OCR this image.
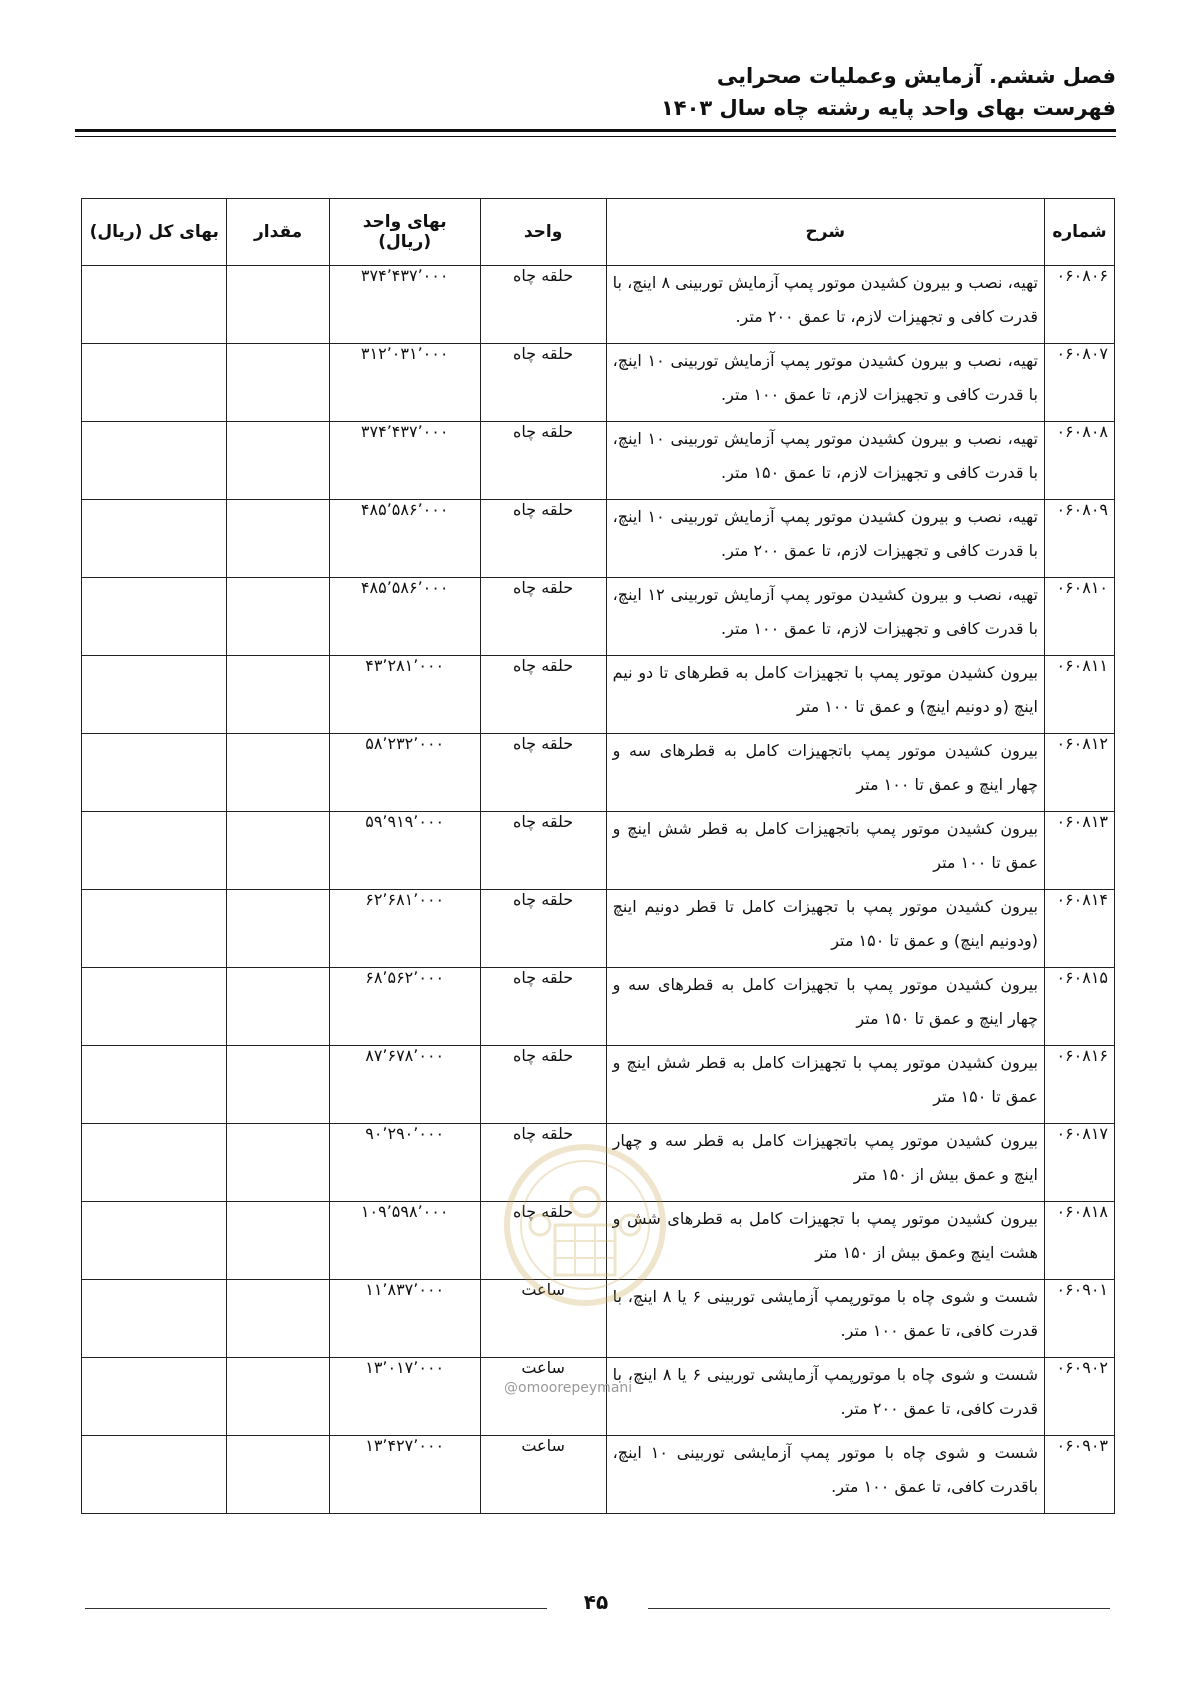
فصل ششم. آزمایش وعملیات صحرایی
فهرست بهای واحد پایه رشته چاه سال ۱۴۰۳
شماره	شرح	واحد	بهای واحد (ریال)	مقدار	بهای کل (ریال)
۰۶۰۸۰۶	تهیه، نصب و بیرون کشیدن موتور پمپ آزمایش توربینی ۸ اینچ، با قدرت کافی و تجهیزات لازم، تا عمق ۲۰۰ متر.	حلقه چاه	۳۷۴٬۴۳۷٬۰۰۰		
۰۶۰۸۰۷	تهیه، نصب و بیرون کشیدن موتور پمپ آزمایش توربینی ۱۰ اینچ، با قدرت کافی و تجهیزات لازم، تا عمق ۱۰۰ متر.	حلقه چاه	۳۱۲٬۰۳۱٬۰۰۰		
۰۶۰۸۰۸	تهیه، نصب و بیرون کشیدن موتور پمپ آزمایش توربینی ۱۰ اینچ، با قدرت کافی و تجهیزات لازم، تا عمق ۱۵۰ متر.	حلقه چاه	۳۷۴٬۴۳۷٬۰۰۰		
۰۶۰۸۰۹	تهیه، نصب و بیرون کشیدن موتور پمپ آزمایش توربینی ۱۰ اینچ، با قدرت کافی و تجهیزات لازم، تا عمق ۲۰۰ متر.	حلقه چاه	۴۸۵٬۵۸۶٬۰۰۰		
۰۶۰۸۱۰	تهیه، نصب و بیرون کشیدن موتور پمپ آزمایش توربینی ۱۲ اینچ، با قدرت کافی و تجهیزات لازم، تا عمق ۱۰۰ متر.	حلقه چاه	۴۸۵٬۵۸۶٬۰۰۰		
۰۶۰۸۱۱	بیرون کشیدن موتور پمپ با تجهیزات کامل به قطرهای تا دو نیم اینچ (و دونیم اینچ) و عمق تا ۱۰۰ متر	حلقه چاه	۴۳٬۲۸۱٬۰۰۰		
۰۶۰۸۱۲	بیرون کشیدن موتور پمپ باتجهیزات کامل به قطرهای سه و چهار اینچ و عمق تا ۱۰۰ متر	حلقه چاه	۵۸٬۲۳۲٬۰۰۰		
۰۶۰۸۱۳	بیرون کشیدن موتور پمپ باتجهیزات کامل به قطر شش اینچ و عمق تا ۱۰۰ متر	حلقه چاه	۵۹٬۹۱۹٬۰۰۰		
۰۶۰۸۱۴	بیرون کشیدن موتور پمپ با تجهیزات کامل تا قطر دونیم اینچ (ودونیم اینچ) و عمق تا ۱۵۰ متر	حلقه چاه	۶۲٬۶۸۱٬۰۰۰		
۰۶۰۸۱۵	بیرون کشیدن موتور پمپ با تجهیزات کامل به قطرهای سه و چهار اینچ و عمق تا ۱۵۰ متر	حلقه چاه	۶۸٬۵۶۲٬۰۰۰		
۰۶۰۸۱۶	بیرون کشیدن موتور پمپ با تجهیزات کامل به قطر شش اینچ و عمق تا ۱۵۰ متر	حلقه چاه	۸۷٬۶۷۸٬۰۰۰		
۰۶۰۸۱۷	بیرون کشیدن موتور پمپ باتجهیزات کامل به قطر سه و چهار اینچ و عمق بیش از ۱۵۰ متر	حلقه چاه	۹۰٬۲۹۰٬۰۰۰		
۰۶۰۸۱۸	بیرون کشیدن موتور پمپ با تجهیزات کامل به قطرهای شش و هشت اینچ وعمق بیش از ۱۵۰ متر	حلقه چاه	۱۰۹٬۵۹۸٬۰۰۰		
۰۶۰۹۰۱	شست و شوی چاه با موتورپمپ آزمایشی توربینی ۶ یا ۸ اینچ، با قدرت کافی، تا عمق ۱۰۰ متر.	ساعت	۱۱٬۸۳۷٬۰۰۰		
۰۶۰۹۰۲	شست و شوی چاه با موتورپمپ آزمایشی توربینی ۶ یا ۸ اینچ، با قدرت کافی، تا عمق ۲۰۰ متر.	ساعت	۱۳٬۰۱۷٬۰۰۰		
۰۶۰۹۰۳	شست و شوی چاه با موتور پمپ آزمایشی توربینی ۱۰ اینچ، باقدرت کافی، تا عمق ۱۰۰ متر.	ساعت	۱۳٬۴۲۷٬۰۰۰		
@omoorepeymani
۴۵
